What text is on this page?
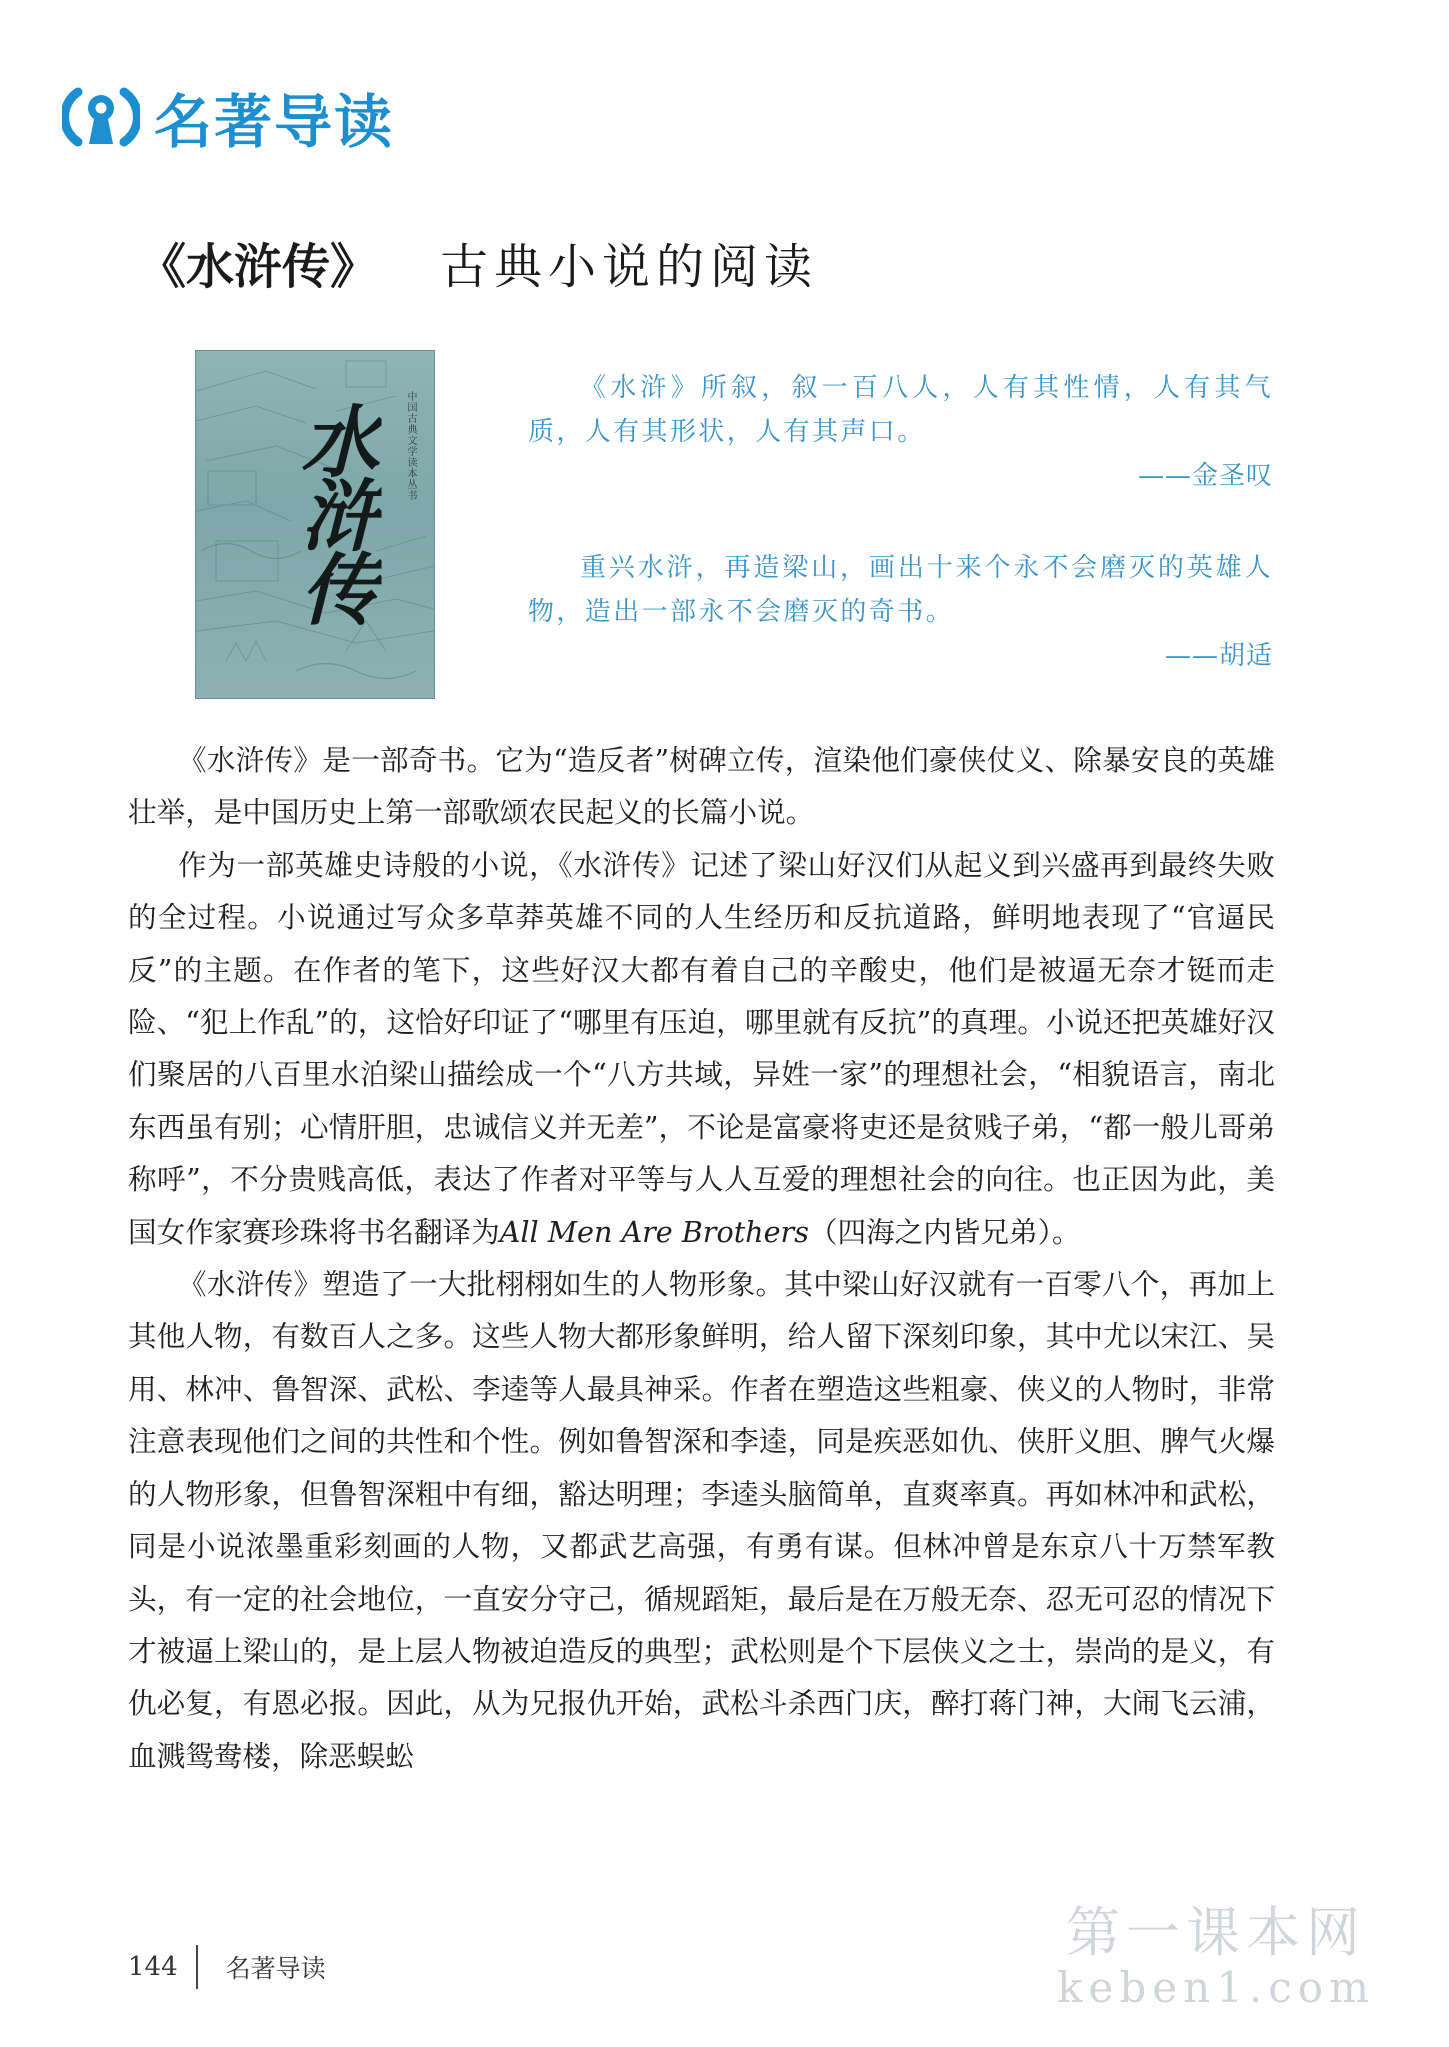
名著导读
《水浒传》 古典小说的阅读
中国古典文学读本丛书
水浒传

《水浒》所叙，叙一百八人，人有其性情，人有其气质，人有其形状，人有其声口。

——金圣叹

重兴水浒，再造梁山，画出十来个永不会磨灭的英雄人物，造出一部永不会磨灭的奇书。

——胡适

《水浒传》是一部奇书。它为“造反者”树碑立传，渲染他们豪侠仗义、除暴安良的英雄壮举，是中国历史上第一部歌颂农民起义的长篇小说。

作为一部英雄史诗般的小说，《水浒传》记述了梁山好汉们从起义到兴盛再到最终失败的全过程。小说通过写众多草莽英雄不同的人生经历和反抗道路，鲜明地表现了“官逼民反”的主题。在作者的笔下，这些好汉大都有着自己的辛酸史，他们是被逼无奈才铤而走险、“犯上作乱”的，这恰好印证了“哪里有压迫，哪里就有反抗”的真理。小说还把英雄好汉们聚居的八百里水泊梁山描绘成一个“八方共域，异姓一家”的理想社会，“相貌语言，南北东西虽有别；心情肝胆，忠诚信义并无差”，不论是富豪将吏还是贫贱子弟，“都一般儿哥弟称呼”，不分贵贱高低，表达了作者对平等与人人互爱的理想社会的向往。也正因为此，美国女作家赛珍珠将书名翻译为All Men Are Brothers（四海之内皆兄弟）。

《水浒传》塑造了一大批栩栩如生的人物形象。其中梁山好汉就有一百零八个，再加上其他人物，有数百人之多。这些人物大都形象鲜明，给人留下深刻印象，其中尤以宋江、吴用、林冲、鲁智深、武松、李逵等人最具神采。作者在塑造这些粗豪、侠义的人物时，非常注意表现他们之间的共性和个性。例如鲁智深和李逵，同是疾恶如仇、侠肝义胆、脾气火爆的人物形象，但鲁智深粗中有细，豁达明理；李逵头脑简单，直爽率真。再如林冲和武松，同是小说浓墨重彩刻画的人物，又都武艺高强，有勇有谋。但林冲曾是东京八十万禁军教头，有一定的社会地位，一直安分守己，循规蹈矩，最后是在万般无奈、忍无可忍的情况下才被逼上梁山的，是上层人物被迫造反的典型；武松则是个下层侠义之士，崇尚的是义，有仇必复，有恩必报。因此，从为兄报仇开始，武松斗杀西门庆，醉打蒋门神，大闹飞云浦，血溅鸳鸯楼，除恶蜈蚣

144 名著导读
第一课本网
keben1.com
